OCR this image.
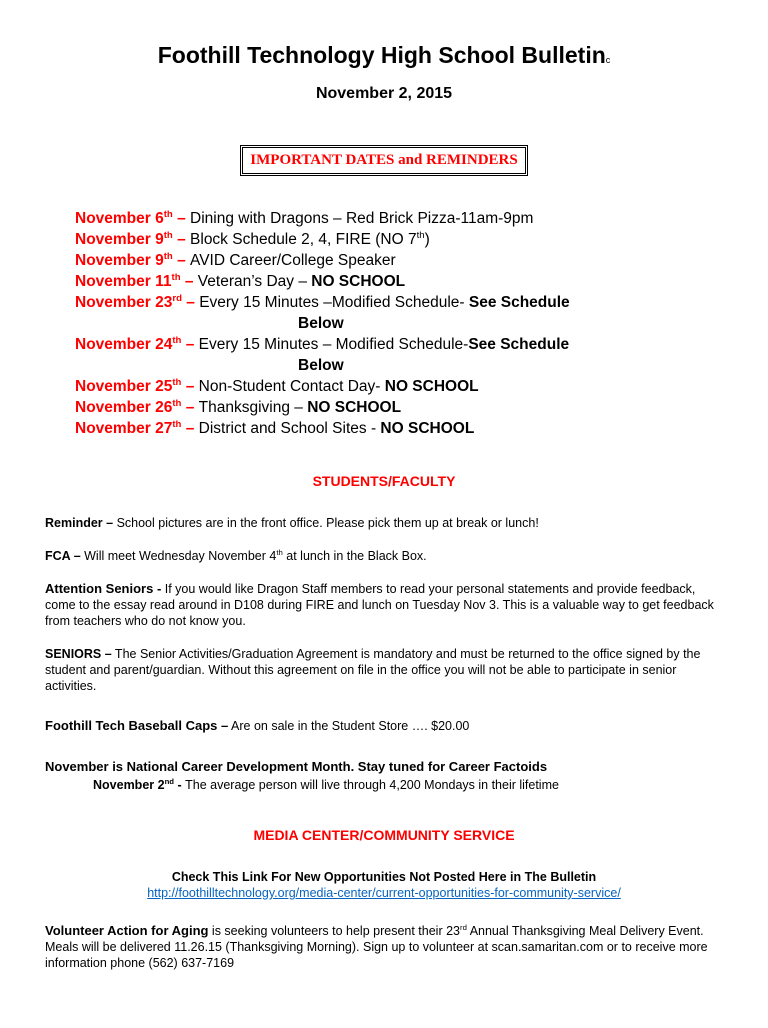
Foothill Technology High School Bulletinc
November 2, 2015
IMPORTANT DATES and REMINDERS
November 6th – Dining with Dragons – Red Brick Pizza-11am-9pm
November 9th – Block Schedule 2, 4, FIRE (NO 7th)
November 9th – AVID Career/College Speaker
November 11th – Veteran’s Day – NO SCHOOL
November 23rd – Every 15 Minutes –Modified Schedule- See Schedule
Below
November 24th – Every 15 Minutes – Modified Schedule-See Schedule
Below
November 25th – Non-Student Contact Day- NO SCHOOL
November 26th – Thanksgiving – NO SCHOOL
November 27th – District and School Sites - NO SCHOOL
STUDENTS/FACULTY

Reminder – School pictures are in the front office. Please pick them up at break or lunch!

FCA – Will meet Wednesday November 4th at lunch in the Black Box.

Attention Seniors - If you would like Dragon Staff members to read your personal statements and provide feedback, come to the essay read around in D108 during FIRE and lunch on Tuesday Nov 3. This is a valuable way to get feedback from teachers who do not know you.

SENIORS – The Senior Activities/Graduation Agreement is mandatory and must be returned to the office signed by the student and parent/guardian. Without this agreement on file in the office you will not be able to participate in senior activities.

Foothill Tech Baseball Caps – Are on sale in the Student Store …. $20.00

November is National Career Development Month. Stay tuned for Career Factoids

November 2nd - The average person will live through 4,200 Mondays in their lifetime

MEDIA CENTER/COMMUNITY SERVICE
Check This Link For New Opportunities Not Posted Here in The Bulletin
http://foothilltechnology.org/media-center/current-opportunities-for-community-service/

Volunteer Action for Aging is seeking volunteers to help present their 23rd Annual Thanksgiving Meal Delivery Event. Meals will be delivered 11.26.15 (Thanksgiving Morning). Sign up to volunteer at scan.samaritan.com or to receive more information phone (562) 637-7169
